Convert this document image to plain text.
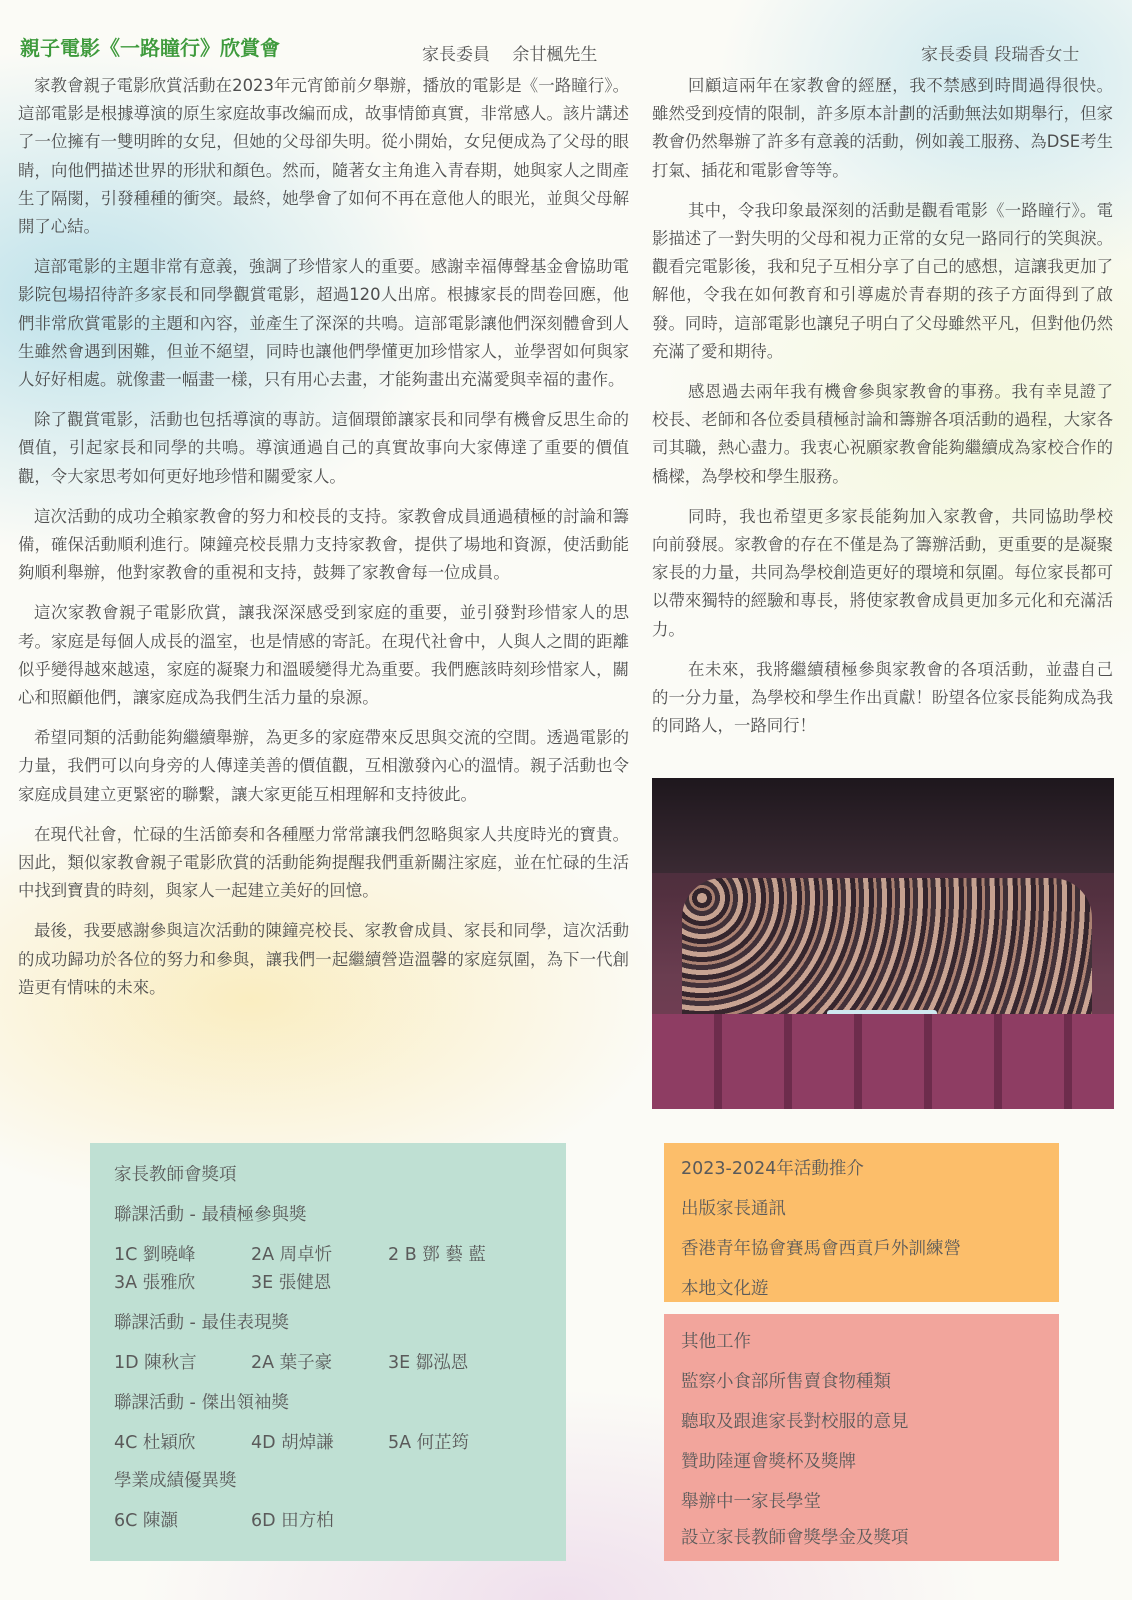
親子電影《一路瞳行》欣賞會	家長委員　 余甘楓先生

家教會親子電影欣賞活動在2023年元宵節前夕舉辦，播放的電影是《一路瞳行》。這部電影是根據導演的原生家庭故事改編而成，故事情節真實，非常感人。該片講述了一位擁有一雙明眸的女兒，但她的父母卻失明。從小開始，女兒便成為了父母的眼睛，向他們描述世界的形狀和顏色。然而，隨著女主角進入青春期，她與家人之間產生了隔閡，引發種種的衝突。最終，她學會了如何不再在意他人的眼光，並與父母解開了心結。

這部電影的主題非常有意義，強調了珍惜家人的重要。感謝幸福傳聲基金會協助電影院包場招待許多家長和同學觀賞電影，超過120人出席。根據家長的問卷回應，他們非常欣賞電影的主題和內容，並產生了深深的共鳴。這部電影讓他們深刻體會到人生雖然會遇到困難，但並不絕望，同時也讓他們學懂更加珍惜家人，並學習如何與家人好好相處。就像畫一幅畫一樣，只有用心去畫，才能夠畫出充滿愛與幸福的畫作。

除了觀賞電影，活動也包括導演的專訪。這個環節讓家長和同學有機會反思生命的價值，引起家長和同學的共鳴。導演通過自己的真實故事向大家傳達了重要的價值觀，令大家思考如何更好地珍惜和關愛家人。

這次活動的成功全賴家教會的努力和校長的支持。家教會成員通過積極的討論和籌備，確保活動順利進行。陳鐘亮校長鼎力支持家教會，提供了場地和資源，使活動能夠順利舉辦，他對家教會的重視和支持，鼓舞了家教會每一位成員。

這次家教會親子電影欣賞，讓我深深感受到家庭的重要，並引發對珍惜家人的思考。家庭是每個人成長的溫室，也是情感的寄託。在現代社會中，人與人之間的距離似乎變得越來越遠，家庭的凝聚力和溫暖變得尤為重要。我們應該時刻珍惜家人，關心和照顧他們，讓家庭成為我們生活力量的泉源。

希望同類的活動能夠繼續舉辦，為更多的家庭帶來反思與交流的空間。透過電影的力量，我們可以向身旁的人傳達美善的價值觀，互相激發內心的溫情。親子活動也令家庭成員建立更緊密的聯繫，讓大家更能互相理解和支持彼此。

在現代社會，忙碌的生活節奏和各種壓力常常讓我們忽略與家人共度時光的寶貴。因此，類似家教會親子電影欣賞的活動能夠提醒我們重新關注家庭，並在忙碌的生活中找到寶貴的時刻，與家人一起建立美好的回憶。

最後，我要感謝參與這次活動的陳鐘亮校長、家教會成員、家長和同學，這次活動的成功歸功於各位的努力和參與，讓我們一起繼續營造溫馨的家庭氛圍，為下一代創造更有情味的未來。

家長委員 段瑞香女士

回顧這兩年在家教會的經歷，我不禁感到時間過得很快。雖然受到疫情的限制，許多原本計劃的活動無法如期舉行，但家教會仍然舉辦了許多有意義的活動，例如義工服務、為DSE考生打氣、插花和電影會等等。

其中，令我印象最深刻的活動是觀看電影《一路瞳行》。電影描述了一對失明的父母和視力正常的女兒一路同行的笑與淚。觀看完電影後，我和兒子互相分享了自己的感想，這讓我更加了解他，令我在如何教育和引導處於青春期的孩子方面得到了啟發。同時，這部電影也讓兒子明白了父母雖然平凡，但對他仍然充滿了愛和期待。

感恩過去兩年我有機會參與家教會的事務。我有幸見證了校長、老師和各位委員積極討論和籌辦各項活動的過程，大家各司其職，熱心盡力。我衷心祝願家教會能夠繼續成為家校合作的橋樑，為學校和學生服務。

同時，我也希望更多家長能夠加入家教會，共同協助學校向前發展。家教會的存在不僅是為了籌辦活動，更重要的是凝聚家長的力量，共同為學校創造更好的環境和氛圍。每位家長都可以帶來獨特的經驗和專長，將使家教會成員更加多元化和充滿活力。

在未來，我將繼續積極參與家教會的各項活動，並盡自己的一分力量，為學校和學生作出貢獻！盼望各位家長能夠成為我的同路人，一路同行！

家長教師會獎項
聯課活動 - 最積極參與獎
1C 劉曉峰	2A 周卓忻	2 B 鄧 藝 藍
3A 張雅欣	3E 張健恩
聯課活動 - 最佳表現獎
1D 陳秋言	2A 葉子豪	3E 鄒泓恩
聯課活動 - 傑出領袖獎
4C 杜穎欣	4D 胡焯謙	5A 何芷筠
學業成績優異獎
6C 陳灝	6D 田方柏
2023-2024年活動推介
出版家長通訊
香港青年協會賽馬會西貢戶外訓練營
本地文化遊
其他工作
監察小食部所售賣食物種類
聽取及跟進家長對校服的意見
贊助陸運會獎杯及獎牌
舉辦中一家長學堂
設立家長教師會獎學金及獎項
